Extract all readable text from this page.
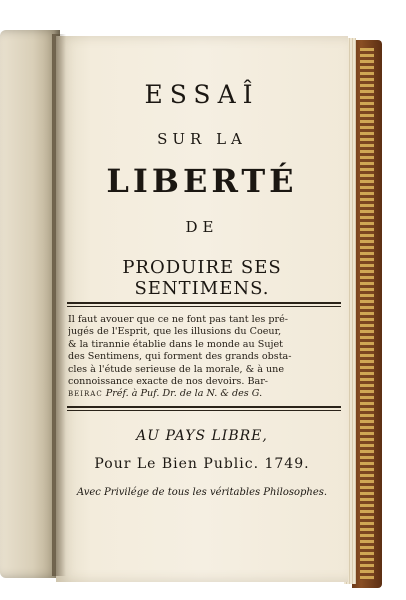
ESSAÎ
SUR LA
LIBERTÉ
DE
PRODUIRE SES SENTIMENS.
Il faut avouer que ce ne font pas tant les pré-
jugés de l'Esprit, que les illusions du Coeur,
& la tirannie établie dans le monde au Sujet
des Sentimens, qui forment des grands obsta-
cles à l'étude serieuse de la morale, & à une
connoissance exacte de nos devoirs. Bar-
beirac Préf. à Puf. Dr. de la N. & des G.
AU PAYS LIBRE,
Pour Le Bien Public. 1749.
Avec Privilége de tous les véritables Philosophes.
